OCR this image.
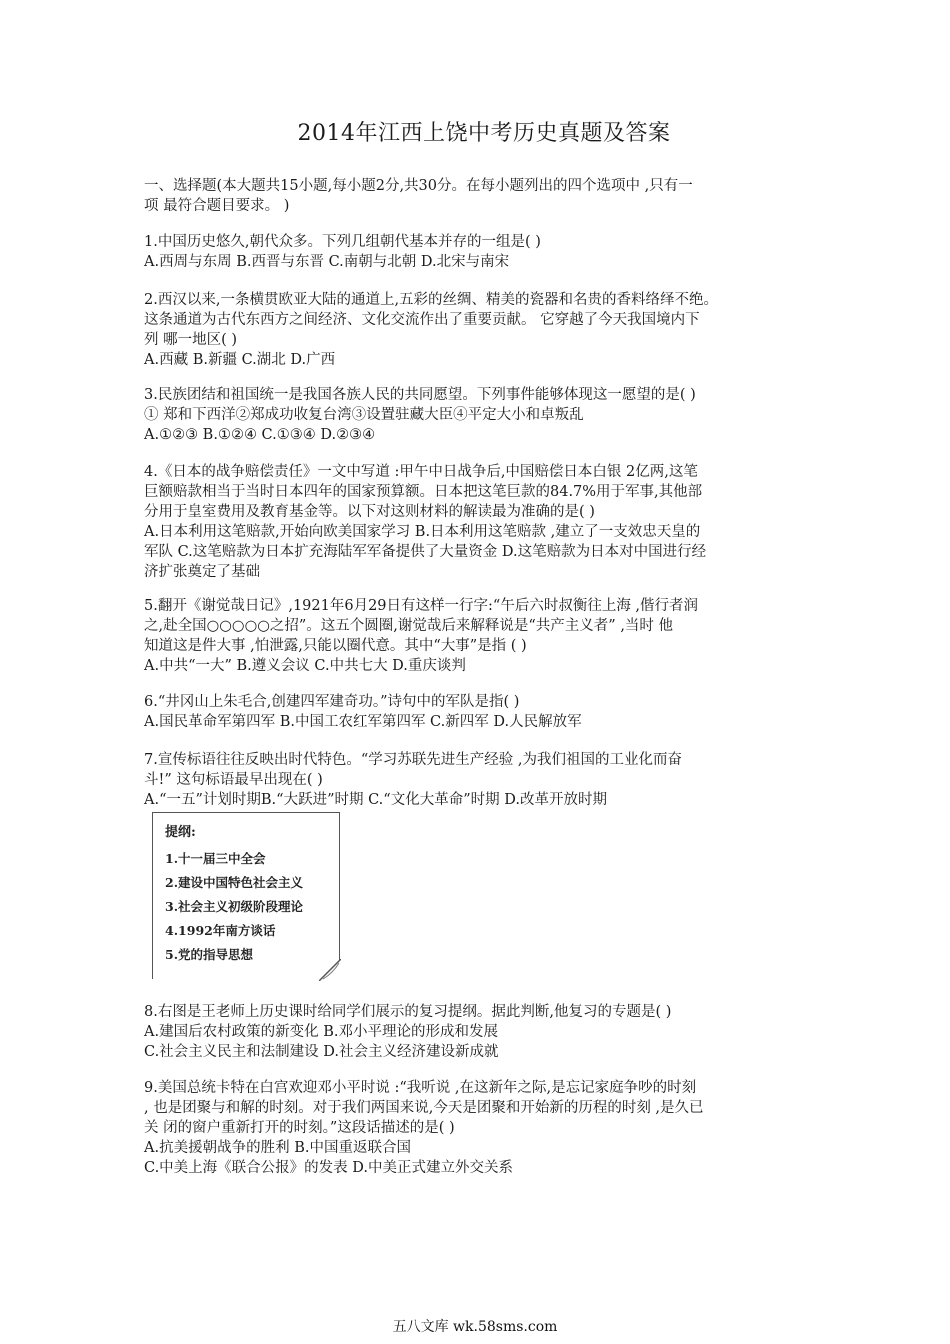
2014年江西上饶中考历史真题及答案
一、选择题(本大题共15小题,每小题2分,共30分。在每小题列出的四个选项中 ,只有一
项 最符合题目要求。 )
1.中国历史悠久,朝代众多。下列几组朝代基本并存的一组是( )
A.西周与东周 B.西晋与东晋 C.南朝与北朝 D.北宋与南宋
2.西汉以来,一条横贯欧亚大陆的通道上,五彩的丝绸、精美的瓷器和名贵的香料络绎不绝。
这条通道为古代东西方之间经济、文化交流作出了重要贡献。 它穿越了今天我国境内下
列 哪一地区( )
A.西藏 B.新疆 C.湖北 D.广西
3.民族团结和祖国统一是我国各族人民的共同愿望。下列事件能够体现这一愿望的是( )
① 郑和下西洋②郑成功收复台湾③设置驻藏大臣④平定大小和卓叛乱
A.①②③ B.①②④ C.①③④ D.②③④
4.《日本的战争赔偿责任》一文中写道 :甲午中日战争后,中国赔偿日本白银 2亿两,这笔
巨额赔款相当于当时日本四年的国家预算额。日本把这笔巨款的84.7%用于军事,其他部
分用于皇室费用及教育基金等。以下对这则材料的解读最为准确的是( )
A.日本利用这笔赔款,开始向欧美国家学习 B.日本利用这笔赔款 ,建立了一支效忠天皇的
军队 C.这笔赔款为日本扩充海陆军军备提供了大量资金 D.这笔赔款为日本对中国进行经
济扩张奠定了基础
5.翻开《谢觉哉日记》,1921年6月29日有这样一行字:“午后六时叔衡往上海 ,偕行者润
之,赴全国○○○○○之招”。这五个圆圈,谢觉哉后来解释说是“共产主义者” ,当时 他
知道这是件大事 ,怕泄露,只能以圈代意。其中“大事”是指 ( )
A.中共“一大” B.遵义会议 C.中共七大 D.重庆谈判
6.“井冈山上朱毛合,创建四军建奇功。”诗句中的军队是指( )
A.国民革命军第四军 B.中国工农红军第四军 C.新四军 D.人民解放军
7.宣传标语往往反映出时代特色。“学习苏联先进生产经验 ,为我们祖国的工业化而奋
斗!” 这句标语最早出现在( )
A.“一五”计划时期B.“大跃进”时期 C.“文化大革命”时期 D.改革开放时期
提纲:
1.十一届三中全会
2.建设中国特色社会主义
3.社会主义初级阶段理论
4.1992年南方谈话
5.党的指导思想
8.右图是王老师上历史课时给同学们展示的复习提纲。据此判断,他复习的专题是( )
A.建国后农村政策的新变化 B.邓小平理论的形成和发展
C.社会主义民主和法制建设 D.社会主义经济建设新成就
9.美国总统卡特在白宫欢迎邓小平时说 :“我听说 ,在这新年之际,是忘记家庭争吵的时刻
, 也是团聚与和解的时刻。对于我们两国来说,今天是团聚和开始新的历程的时刻 ,是久已
关 闭的窗户重新打开的时刻。”这段话描述的是( )
A.抗美援朝战争的胜利 B.中国重返联合国
C.中美上海《联合公报》的发表 D.中美正式建立外交关系
五八文库 wk.58sms.com
